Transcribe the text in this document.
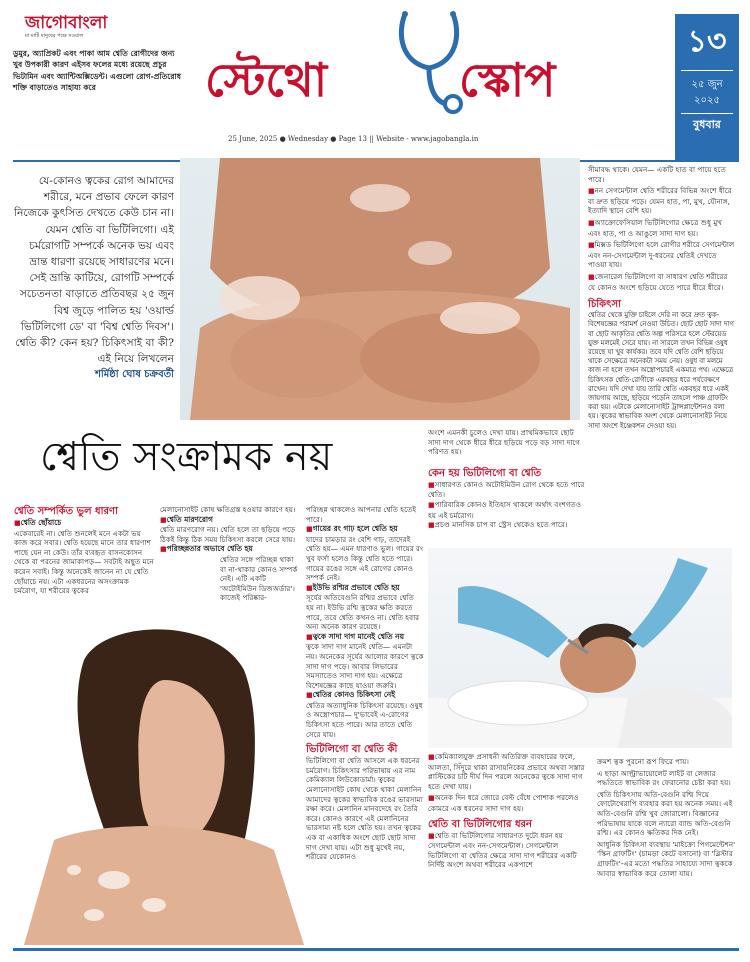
জাগোবাংলা
মা মাটি মানুষের পক্ষে সওয়াল
ডুমুর, অ্যাপ্রিকট এবং পাকা আম শ্বেতি রোগীদের জন্য খুব উপকারী কারণ এইসব ফলের মধ্যে রয়েছে প্রচুর ভিটামিন এবং অ্যান্টিঅক্সিডেন্ট। এগুলো রোগ-প্রতিরোধ শক্তি বাড়াতেও সাহায্য করে	স্টেথো	স্কোপ
25 June, 2025 ● Wednesday ● Page 13 || Website - www.jagobangla.in
১৩
২৫ জুন ২০২৫
বুধবার
যে-কোনও ত্বকের রোগ আমাদের শরীরে, মনে প্রভাব ফেলে কারণ নিজেকে কুৎসিত দেখতে কেউ চান না। যেমন শ্বেতি বা ভিটিলিগো। এই চর্মরোগটি সম্পর্কে অনেক ভয় এবং ভ্রান্ত ধারণা রয়েছে সাধারণের মনে। সেই ভ্রান্তি কাটিয়ে, রোগটি সম্পর্কে সচেতনতা বাড়াতে প্রতিবছর ২৫ জুন বিশ্ব জুড়ে পালিত হয় 'ওয়ার্ল্ড ভিটিলিগো ডে' বা 'বিশ্ব শ্বেতি দিবস'। শ্বেতি কী? কেন হয়? চিকিৎসাই বা কী? এই নিয়ে লিখলেন
শর্মিষ্ঠা ঘোষ চক্রবর্তী
সীমাবদ্ধ থাকে। যেমন— একটি হাত বা পায়ে হতে পারে।
■ নন সেগমেন্টাল শ্বেতি শরীরের বিভিন্ন অংশে ধীরে বা দ্রুত ছড়িয়ে পড়ে। যেমন হাত, পা, মুখ, যৌনাঙ্গ, ইত্যাদি স্থানে বেশি হয়।
■ অ্যাক্রোফেসিয়াল ভিটিলিগোর ক্ষেত্রে শুধু মুখ এবং হাত, পা ও আঙুলে সাদা দাগ হয়।
■ মিক্সড ভিটিলিগো হলে রোগীর শরীরে সেগমেন্টাল এবং নন-সেগমেন্টাল দু-ধরনের শ্বেতিই দেখতে পাওয়া যায়।
■ জেনারেল ভিটিলিগো বা সাধারণ শ্বেতি শরীরের যে কোনও অংশে ছড়িয়ে যেতে পারে ধীরে ধীরে।
চিকিৎসা
শ্বেতির থেকে মুক্তি চাইলে দেরি না করে দ্রুত ত্বক-বিশেষজ্ঞের পরামর্শ নেওয়া উচিত। ছোট ছোট সাদা দাগ বা ছোট আকৃতির শ্বেতি অল্প পরিসরে হলে স্টেরয়েড যুক্ত মলমেই সেরে যায়। না সারলে তখন বিভিন্ন ওষুধ রয়েছে যা খুব কার্যকর। তবে যদি শ্বেতি বেশি ছড়িয়ে থাকে সেক্ষেত্রে অনেকটা সময় নেয়। ওষুধ বা মলমে কাজ না হলে তখন অস্ত্রোপচারই একমাত্র পথ। এক্ষেত্রে চিকিৎসক শ্বেতি-রোগীকে একবছর ধরে পর্যবেক্ষণে রাখেন। যদি দেখা যায় তারি শ্বেতি একবছর ধরে একই জায়গায় আছে, ছড়িয়ে পড়েনি তাহলে পাঞ্চ গ্রাফটিং করা হয়। এটাকে মেলানোসাইট ট্রান্সপ্লান্টেশনও বলা হয়। ত্বকের স্বাভাবিক অংশ থেকে মেলানোসাইট নিয়ে সাদা অংশে ইঞ্জেকশন দেওয়া হয়।
শ্বেতি সংক্রামক নয়
শ্বেতি সম্পর্কিত ভুল ধারণা
■ শ্বেতি ছোঁয়াচে
একেবারেই না। শ্বেতি শুনলেই মনে একটা ভয় কাজ করে সবার। শ্বেতি হয়েছে মানে তার ধারণাশ পাছে যেন না কেউ। তাঁর ব্যবহৃত বাসনকোসন থেকে বা পরনের জামাকাপড়— সবটাই অছুত মনে করেন সবাই। কিন্তু অনেকেই জানেন না যে শ্বেতি ছোঁয়াচে নয়। এটা একধরনের অসংক্রামক চর্মরোগ, যা শরীরের ত্বকের
মেলানোসাইট কোষ ক্ষতিগ্রস্ত হওয়ার কারণে হয়।
■ শ্বেতি মারণরোগ
শ্বেতি মারণরোগ নয়। শ্বেতি হলে তা ছড়িয়ে পড়ে ঠিকই কিন্তু ঠিক সময় চিকিৎসা করলে সেরে যায়।
■ পরিচ্ছন্নতার অভাবে শ্বেতি হয়
শ্বেতির সঙ্গে পরিচ্ছন্ন থাকা বা না-থাকার কোনও সম্পর্ক নেই। এটি একটি 'অটোইমিউন ডিজঅর্ডার'। কাজেই পরিষ্কার-
পরিচ্ছন্ন থাকলেও আপনার শ্বেতি হতেই পারে।
■ গায়ের রং গাঢ় হলে শ্বেতি হয়
যাদের চামড়ার রং বেশি গাঢ়, তাদেরই শ্বেতি হয়— এমন ধারণাও ভুল। গায়ের রং খুব ফর্সা হলেও কিন্তু শ্বেতি হতে পারে। গায়ের রঙের সঙ্গে এই রোগের কোনও সম্পর্ক নেই।
■ ইউভি রশ্মির প্রভাবে শ্বেতি হয়
সূর্যের অতিবেগুনি রশ্মির প্রভাবে শ্বেতি হয় না। ইউভি রশ্মি ত্বকের ক্ষতি করতে পারে, তবে শ্বেতি কখনও না। শ্বেতি হবার অন্য অনেক কারণ রয়েছে।
■ ত্বকে সাদা দাগ মানেই শ্বেতি নয়
ত্বকে সাদা দাগ মানেই শ্বেতি— এমনটা নয়। অনেকের সূর্যের আলোর কারণে ত্বকে সাদা দাগ পড়ে। আবার লিভারের সমস্যাতেও সাদা দাগ হয়। এক্ষেত্রে বিশেষজ্ঞের কাছে যাওয়া জরুরি।
■ শ্বেতির কোনও চিকিৎসা নেই
শ্বেতির অত্যাধুনিক চিকিৎসা রয়েছে। ওষুধ ও অস্ত্রোপচার— দু'ভাবেই এ-রোগের চিকিৎসা হতে পারে। আর তাতে শ্বেতি সেরে যায়।
ভিটিলিগো বা শ্বেতি কী
ভিটিলিগো বা শ্বেতি আসলে এক ধরনের চর্মরোগ। চিকিৎসার পরিভাষায় এর নাম কেমিক্যাল লিউকোডার্মা। ত্বকের মেলানোসাইট কোষ থেকে থাকা মেলানিন আমাদের ত্বকের স্বাভাবিক রঙের ভারসাম্য রক্ষা করে। মেলানিন মানবদেহে রং তৈরি করে। কোনও কারণে এই মেলানিনের ভারসাম্য নষ্ট হলে শ্বেতি হয়। তখন ত্বকের এক বা একাধিক অংশে ছোট ছোট সাদা দাগ দেখা যায়। এটা শুধু মুখেই নয়, শরীরের যেকোনও
অংশে এমনকী চুলেও দেখা যায়। প্রাথমিকভাবে ছোট সাদা দাগ থেকে ধীরে ধীরে ছড়িয়ে পড়ে বড় সাদা দাগে পরিণত হয়।
কেন হয় ভিটিলিগো বা শ্বেতি
■ সাধারণত কোনও অটোইমিউন রোগ থেকে হতে পারে শ্বেতি।
■ পারিবারিক কোনও ইতিহাস থাকলে অর্থাৎ বংশগতও হয় এই চর্মরোগ।
■ প্রচণ্ড মানসিক চাপ বা স্ট্রেস থেকেও হতে পারে।
■ কেমিক্যালযুক্ত প্রসাধনী অতিরিক্ত ব্যবহারের ফলে, আলতা, সিঁদুরে থাকা রাসায়নিকের প্রভাবে অথবা সস্তার প্লাস্টিকের চটি দীর্ঘ দিন পরলে অনেকের ত্বকে সাদা দাগ হতে দেখা যায়।
■ অনেক দিন ধরে জোরে বেল্ট বেঁধে পোশাক পরলেও কোমরে এক ধরনের সাদা দাগ হয়।
শ্বেতি বা ভিটিলিগোর ধরন
■ শ্বেতি বা ভিটিলিগোর সাধারণত দুটো ধরন হয় সেগমেন্টাল এবং নন-সেগমেন্টাল। সেগমেন্টাল ভিটিলিগো বা শ্বেতির ক্ষেত্রে সাদা দাগ শরীরের একটি নির্দিষ্ট অংশে অথবা শরীরের একপাশে
ক্রমশ ত্বক পুরনো রূপ ফিরে পায়।
এ ছাড়া আল্ট্রাভায়োলেট লাইট বা লেজার পদ্ধতিতে স্বাভাবিক রং ফেরানোর চেষ্টা করা হয়।
শ্বেতি চিকিৎসায় অতি-বেগুনি রশ্মি দিয়ে ফোটোথেরাপি ব্যবহার করা হয় অনেক সময়। এই অতি-বেগুনি রশ্মি খুব জোরালো। বিজ্ঞানের পরিভাষায় যাকে বলে ন্যারো ব্যান্ড অতি-বেগুনি রশ্মি। এর কোনও ক্ষতিকর দিক নেই।
আধুনিক চিকিৎসা ব্যবস্থায় 'মাইক্রো পিগমেন্টেশন' 'স্কিন গ্রাফটিং' (চামড়া কেটে বসানো) বা 'ব্লিস্টার গ্রাফটিং'-এর মতো পদ্ধতির সাহায্যে সাদা ত্বককে আবার স্বাভাবিক করে তোলা যায়।
